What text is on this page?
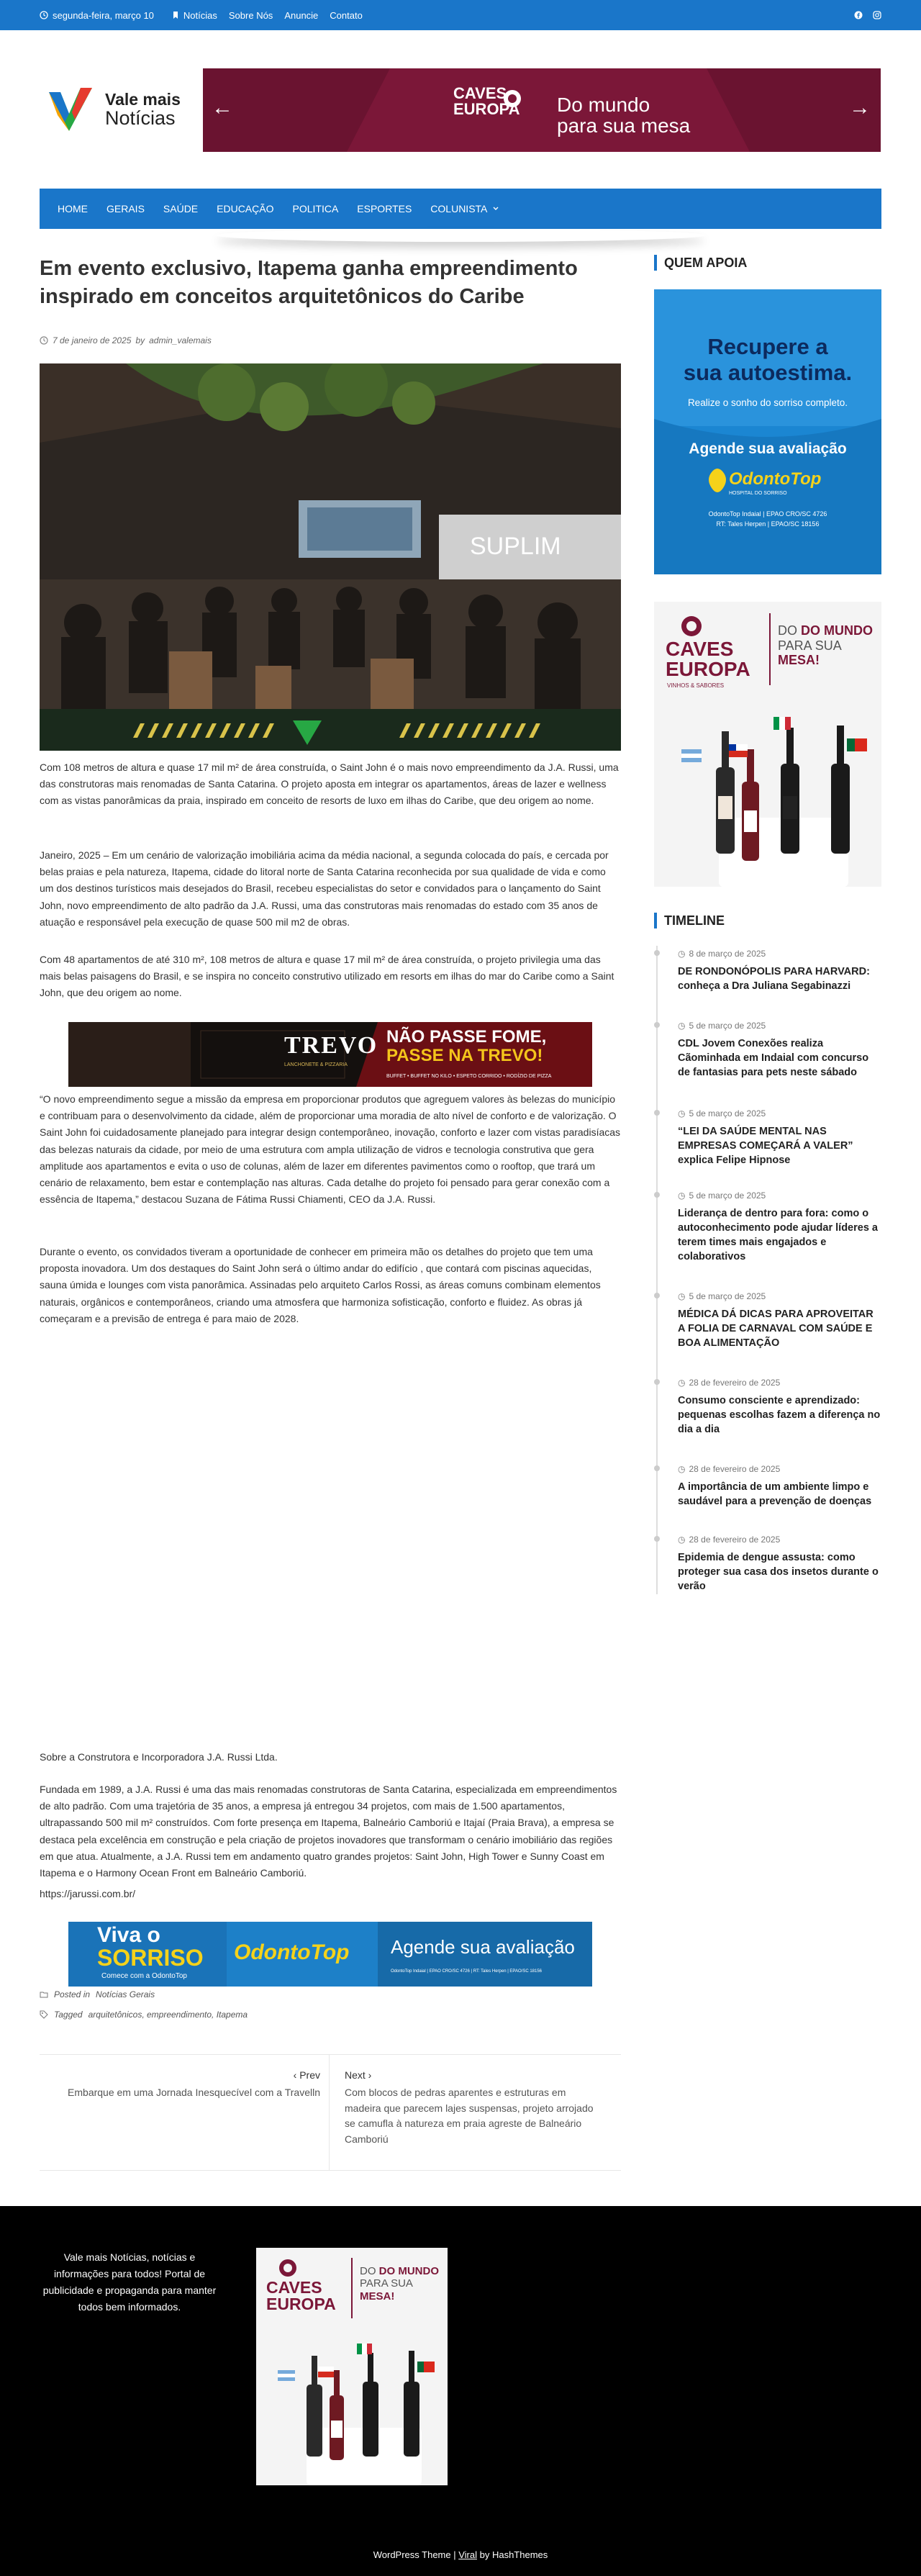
segunda-feira, março 10	Notícias Sobre Nós Anuncie Contato
Vale mais
Notícias ←	→
CAVES
EUROPA Do mundo
para sua mesa
HOME GERAIS SAÚDE EDUCAÇÃO POLITICA ESPORTES COLUNISTA
Em evento exclusivo, Itapema ganha empreendimento inspirado em conceitos arquitetônicos do Caribe
7 de janeiro de 2025 by admin_valemais
SUPLIM

Com 108 metros de altura e quase 17 mil m² de área construída, o Saint John é o mais novo empreendimento da J.A. Russi, uma das construtoras mais renomadas de Santa Catarina. O projeto aposta em integrar os apartamentos, áreas de lazer e wellness com as vistas panorâmicas da praia, inspirado em conceito de resorts de luxo em ilhas do Caribe, que deu origem ao nome.

Janeiro, 2025 – Em um cenário de valorização imobiliária acima da média nacional, a segunda colocada do país, e cercada por belas praias e pela natureza, Itapema, cidade do litoral norte de Santa Catarina reconhecida por sua qualidade de vida e como um dos destinos turísticos mais desejados do Brasil, recebeu especialistas do setor e convidados para o lançamento do Saint John, novo empreendimento de alto padrão da J.A. Russi, uma das construtoras mais renomadas do estado com 35 anos de atuação e responsável pela execução de quase 500 mil m2 de obras.

Com 48 apartamentos de até 310 m², 108 metros de altura e quase 17 mil m² de área construída, o projeto privilegia uma das mais belas paisagens do Brasil, e se inspira no conceito construtivo utilizado em resorts em ilhas do mar do Caribe como a Saint John, que deu origem ao nome.

TREVO
LANCHONETE & PIZZARIA
NÃO PASSE FOME,
PASSE NA TREVO!
BUFFET • BUFFET NO KILO • ESPETO CORRIDO • RODÍZIO DE PIZZA

“O novo empreendimento segue a missão da empresa em proporcionar produtos que agreguem valores às belezas do município e contribuam para o desenvolvimento da cidade, além de proporcionar uma moradia de alto nível de conforto e de valorização. O Saint John foi cuidadosamente planejado para integrar design contemporâneo, inovação, conforto e lazer com vistas paradisíacas das belezas naturais da cidade, por meio de uma estrutura com ampla utilização de vidros e tecnologia construtiva que gera amplitude aos apartamentos e evita o uso de colunas, além de lazer em diferentes pavimentos como o rooftop, que trará um cenário de relaxamento, bem estar e contemplação nas alturas. Cada detalhe do projeto foi pensado para gerar conexão com a essência de Itapema,” destacou Suzana de Fátima Russi Chiamenti, CEO da J.A. Russi.

Durante o evento, os convidados tiveram a oportunidade de conhecer em primeira mão os detalhes do projeto que tem uma proposta inovadora. Um dos destaques do Saint John será o último andar do edifício , que contará com piscinas aquecidas, sauna úmida e lounges com vista panorâmica. Assinadas pelo arquiteto Carlos Rossi, as áreas comuns combinam elementos naturais, orgânicos e contemporâneos, criando uma atmosfera que harmoniza sofisticação, conforto e fluidez. As obras já começaram e a previsão de entrega é para maio de 2028.

Sobre a Construtora e Incorporadora J.A. Russi Ltda.

Fundada em 1989, a J.A. Russi é uma das mais renomadas construtoras de Santa Catarina, especializada em empreendimentos de alto padrão. Com uma trajetória de 35 anos, a empresa já entregou 34 projetos, com mais de 1.500 apartamentos, ultrapassando 500 mil m² construídos. Com forte presença em Itapema, Balneário Camboriú e Itajaí (Praia Brava), a empresa se destaca pela excelência em construção e pela criação de projetos inovadores que transformam o cenário imobiliário das regiões em que atua. Atualmente, a J.A. Russi tem em andamento quatro grandes projetos: Saint John, High Tower e Sunny Coast em Itapema e o Harmony Ocean Front em Balneário Camboriú.

https://jarussi.com.br/

Viva o
SORRISO
Comece com a OdontoTop
OdontoTop Agende sua avaliação
OdontoTop Indaial | EPAO CRO/SC 4726 | RT: Tales Herpen | EPAO/SC 18156
Posted in Notícias Gerais
Tagged arquitetônicos, empreendimento, Itapema
‹ Prev
Embarque em uma Jornada Inesquecível com a Travelln
Next ›
Com blocos de pedras aparentes e estruturas em madeira que parecem lajes suspensas, projeto arrojado se camufla à natureza em praia agreste de Balneário Camboriú
QUEM APOIA
Recupere a
sua autoestima.
Realize o sonho do sorriso completo.
Agende sua avaliação
OdontoTop
HOSPITAL DO SORRISO
OdontoTop Indaial | EPAO CRO/SC 4726
RT: Tales Herpen | EPAO/SC 18156
CAVES
EUROPA
VINHOS & SABORES
DO DO MUNDO
PARA SUA
MESA!
TIMELINE
◷ 8 de março de 2025
DE RONDONÓPOLIS PARA HARVARD: conheça a Dra Juliana Segabinazzi
◷ 5 de março de 2025
CDL Jovem Conexões realiza Cãominhada em Indaial com concurso de fantasias para pets neste sábado
◷ 5 de março de 2025
“LEI DA SAÚDE MENTAL NAS EMPRESAS COMEÇARÁ A VALER” explica Felipe Hipnose
◷ 5 de março de 2025
Liderança de dentro para fora: como o autoconhecimento pode ajudar líderes a terem times mais engajados e colaborativos
◷ 5 de março de 2025
MÉDICA DÁ DICAS PARA APROVEITAR A FOLIA DE CARNAVAL COM SAÚDE E BOA ALIMENTAÇÃO
◷ 28 de fevereiro de 2025
Consumo consciente e aprendizado: pequenas escolhas fazem a diferença no dia a dia
◷ 28 de fevereiro de 2025
A importância de um ambiente limpo e saudável para a prevenção de doenças
◷ 28 de fevereiro de 2025
Epidemia de dengue assusta: como proteger sua casa dos insetos durante o verão
Vale mais Notícias, notícias e informações para todos! Portal de publicidade e propaganda para manter todos bem informados.
CAVES
EUROPA
DO DO MUNDO
PARA SUA
MESA!
WordPress Theme | Viral by HashThemes
